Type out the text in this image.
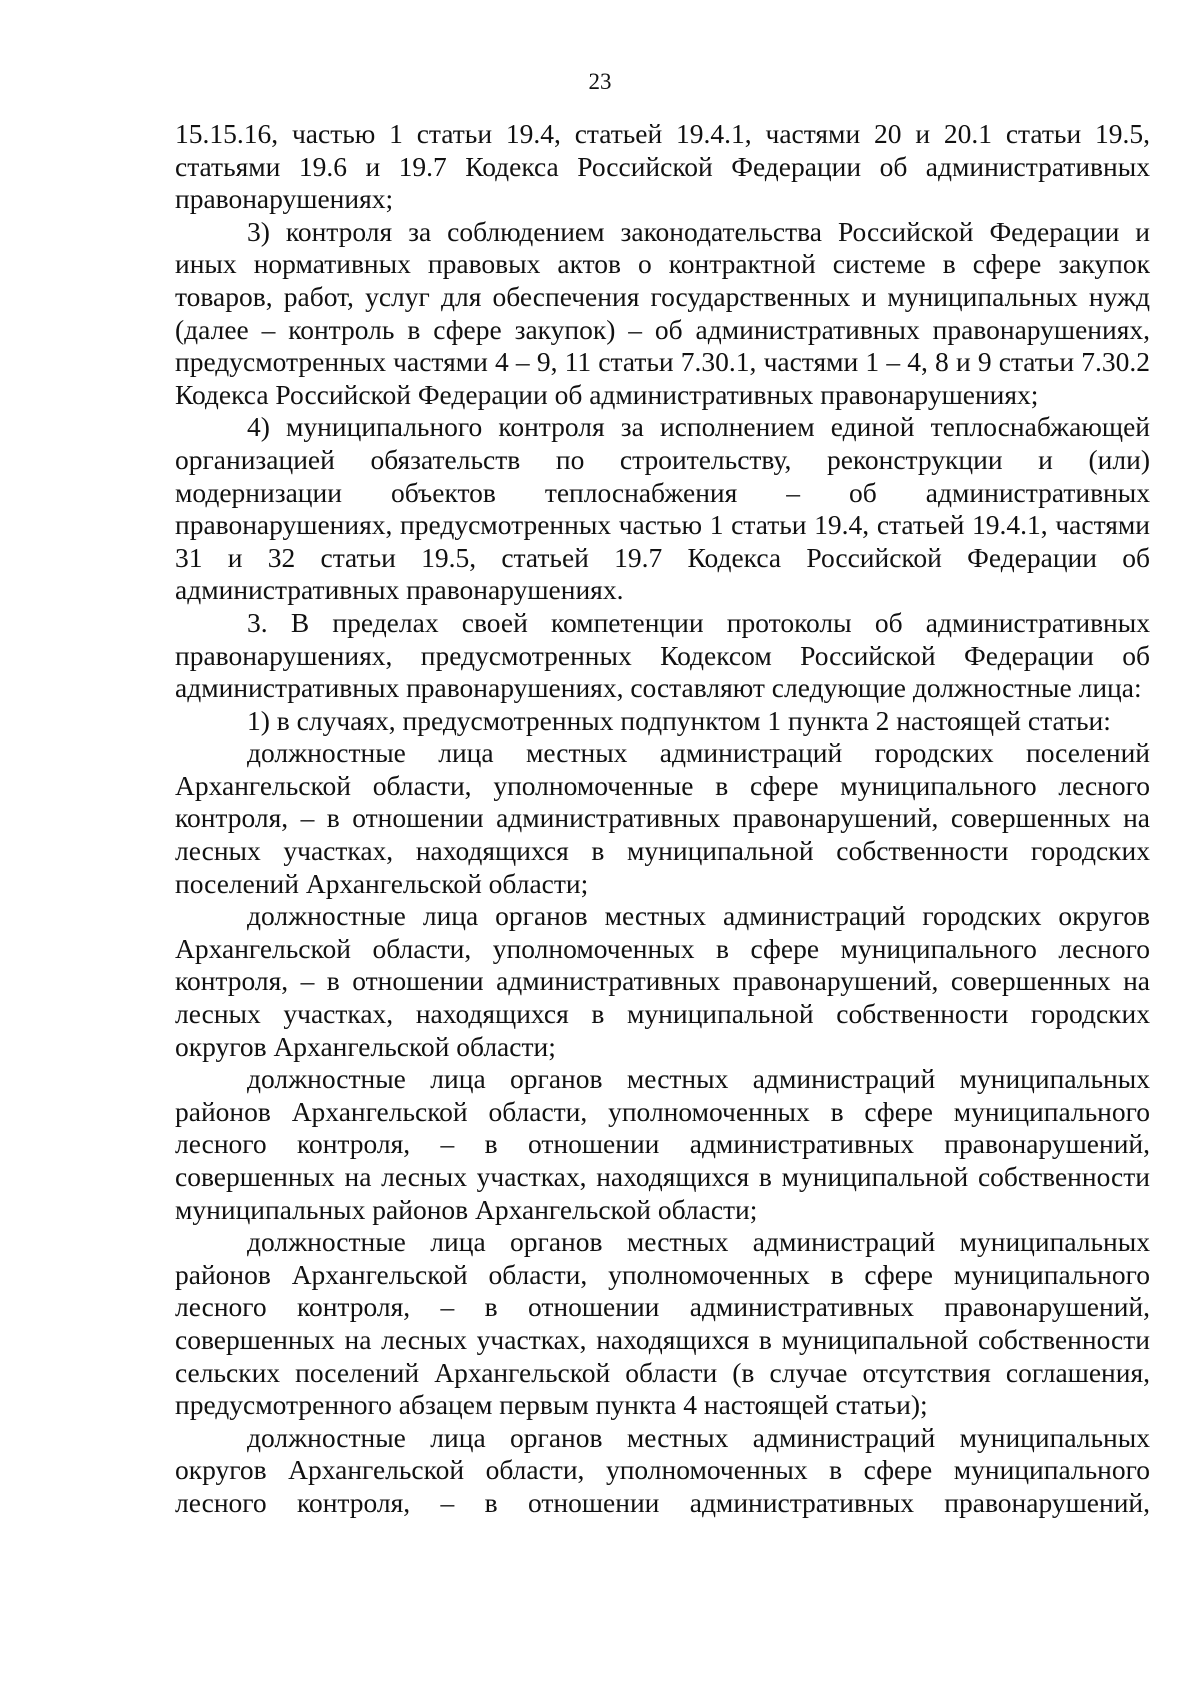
23

15.15.16, частью 1 статьи 19.4, статьей 19.4.1, частями 20 и 20.1 статьи 19.5, статьями 19.6 и 19.7 Кодекса Российской Федерации об административных правонарушениях;

3) контроля за соблюдением законодательства Российской Федерации и иных нормативных правовых актов о контрактной системе в сфере закупок товаров, работ, услуг для обеспечения государственных и муниципальных нужд (далее – контроль в сфере закупок) – об административных правонарушениях, предусмотренных частями 4 – 9, 11 статьи 7.30.1, частями 1 – 4, 8 и 9 статьи 7.30.2 Кодекса Российской Федерации об административных правонарушениях;

4) муниципального контроля за исполнением единой теплоснабжающей организацией обязательств по строительству, реконструкции и (или) модернизации объектов теплоснабжения – об административных правонарушениях, предусмотренных частью 1 статьи 19.4, статьей 19.4.1, частями 31 и 32 статьи 19.5, статьей 19.7 Кодекса Российской Федерации об административных правонарушениях.

3. В пределах своей компетенции протоколы об административных правонарушениях, предусмотренных Кодексом Российской Федерации об административных правонарушениях, составляют следующие должностные лица:

1) в случаях, предусмотренных подпунктом 1 пункта 2 настоящей статьи:

должностные лица местных администраций городских поселений Архангельской области, уполномоченные в сфере муниципального лесного контроля, – в отношении административных правонарушений, совершенных на лесных участках, находящихся в муниципальной собственности городских поселений Архангельской области;

должностные лица органов местных администраций городских округов Архангельской области, уполномоченных в сфере муниципального лесного контроля, – в отношении административных правонарушений, совершенных на лесных участках, находящихся в муниципальной собственности городских округов Архангельской области;

должностные лица органов местных администраций муниципальных районов Архангельской области, уполномоченных в сфере муниципального лесного контроля, – в отношении административных правонарушений, совершенных на лесных участках, находящихся в муниципальной собственности муниципальных районов Архангельской области;

должностные лица органов местных администраций муниципальных районов Архангельской области, уполномоченных в сфере муниципального лесного контроля, – в отношении административных правонарушений, совершенных на лесных участках, находящихся в муниципальной собственности сельских поселений Архангельской области (в случае отсутствия соглашения, предусмотренного абзацем первым пункта 4 настоящей статьи);

должностные лица органов местных администраций муниципальных округов Архангельской области, уполномоченных в сфере муниципального лесного контроля, – в отношении административных правонарушений,
